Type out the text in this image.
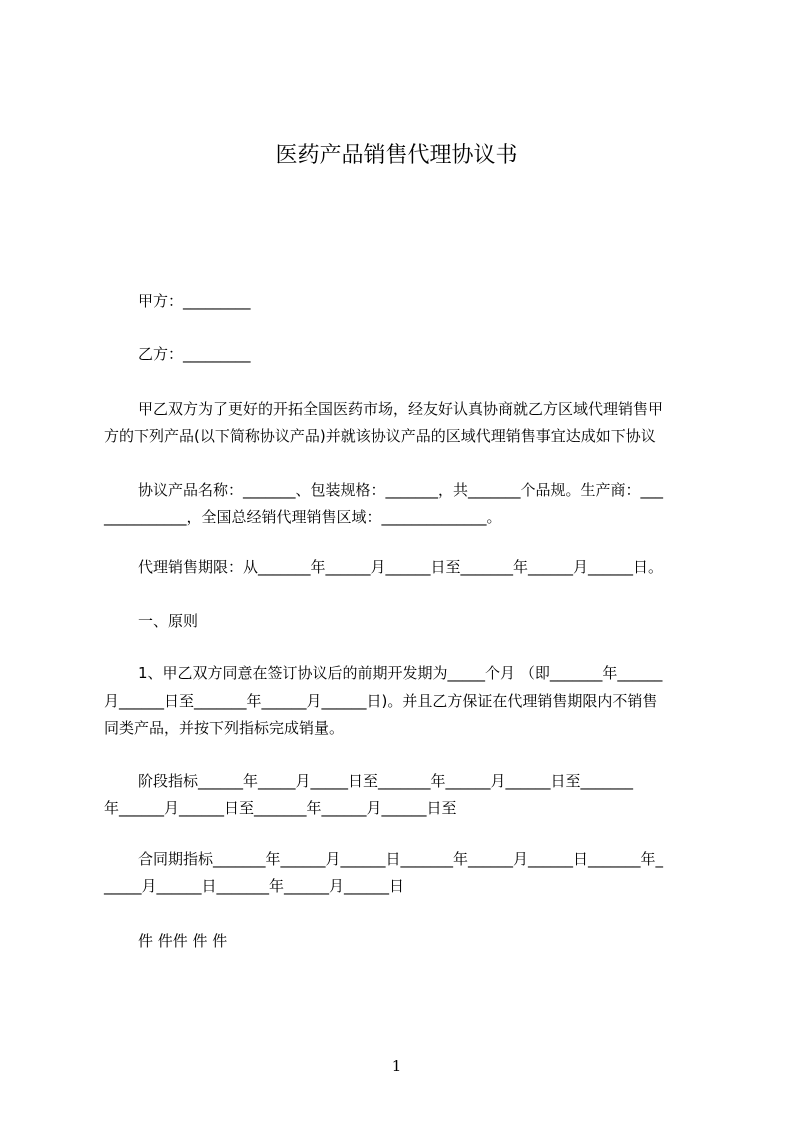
医药产品销售代理协议书
甲方：_________
乙方：_________
甲乙双方为了更好的开拓全国医药市场，经友好认真协商就乙方区域代理销售甲
方的下列产品(以下简称协议产品)并就该协议产品的区域代理销售事宜达成如下协议
协议产品名称：_______、包装规格：_______，共_______个品规。生产商：___
___________，全国总经销代理销售区域：______________。
代理销售期限：从_______年______月______日至_______年______月______日。
一、原则
1、甲乙双方同意在签订协议后的前期开发期为_____个月 （即_______年______
月______日至_______年______月______日)。并且乙方保证在代理销售期限内不销售
同类产品，并按下列指标完成销量。
阶段指标______年_____月_____日至_______年______月______日至_______
年______月______日至_______年______月______日至
合同期指标_______年______月______日_______年______月______日_______年_
_____月______日_______年______月______日
件 件件 件 件
1
